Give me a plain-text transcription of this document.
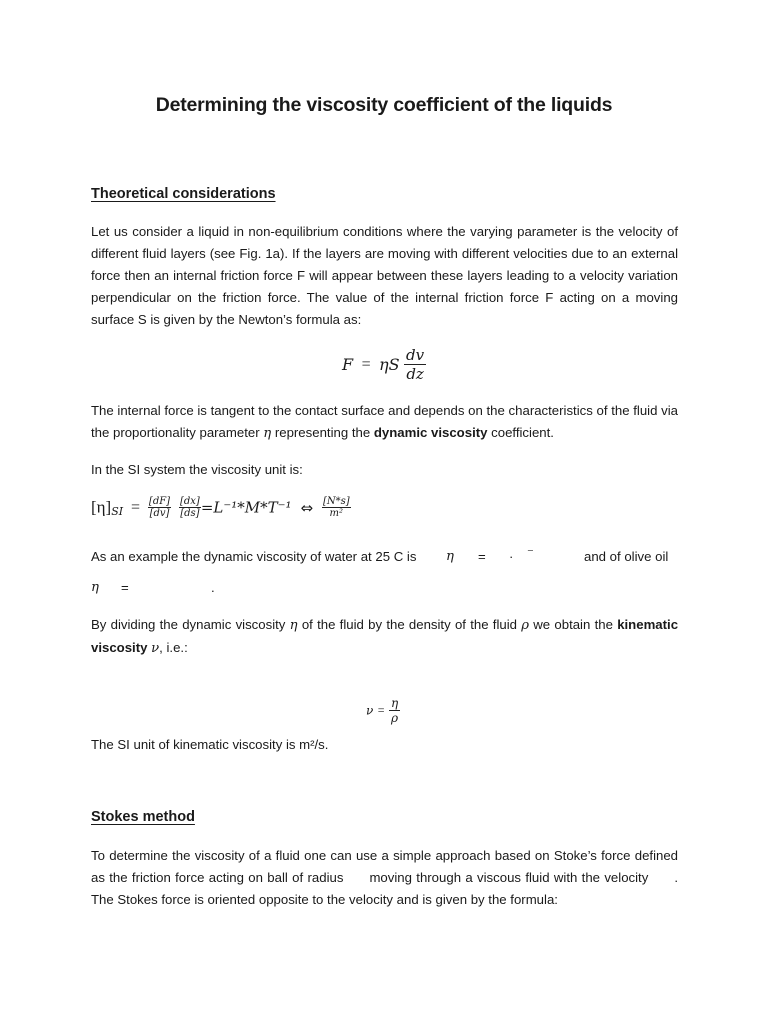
Determining the viscosity coefficient of the liquids
Theoretical considerations
Let us consider a liquid in non-equilibrium conditions where the varying parameter is the velocity of different fluid layers (see Fig. 1a). If the layers are moving with different velocities due to an external force then an internal friction force F will appear between these layers leading to a velocity variation perpendicular on the friction force. The value of the internal friction force F acting on a moving surface S is given by the Newton’s formula as:
F = ηS $\frac{dv}{dz}$
The internal force is tangent to the contact surface and depends on the characteristics of the fluid via the proportionality parameter η representing the dynamic viscosity coefficient.
In the SI system the viscosity unit is:
$[\eta]_{SI} = \frac{[dF]}{[dv]}$
$\frac{[dx]}{[ds]} =L^{-1}*M*T^{-1}$ ⇔ $\frac{[N*s]}{\text{m²}}$
As an example the dynamic viscosity of water at 25 C is η = · ⁻	and of olive oil
η =	.
By dividing the dynamic viscosity η of the fluid by the density of the fluid ρ we obtain the kinematic viscosity ν, i.e.:
$\nu = \frac{\eta}{\rho}$
The SI unit of kinematic viscosity is m²/s.
Stokes method
To determine the viscosity of a fluid one can use a simple approach based on Stoke’s force defined as the friction force acting on ball of radius      moving through a viscous fluid with the velocity      . The Stokes force is oriented opposite to the velocity and is given by the formula:
